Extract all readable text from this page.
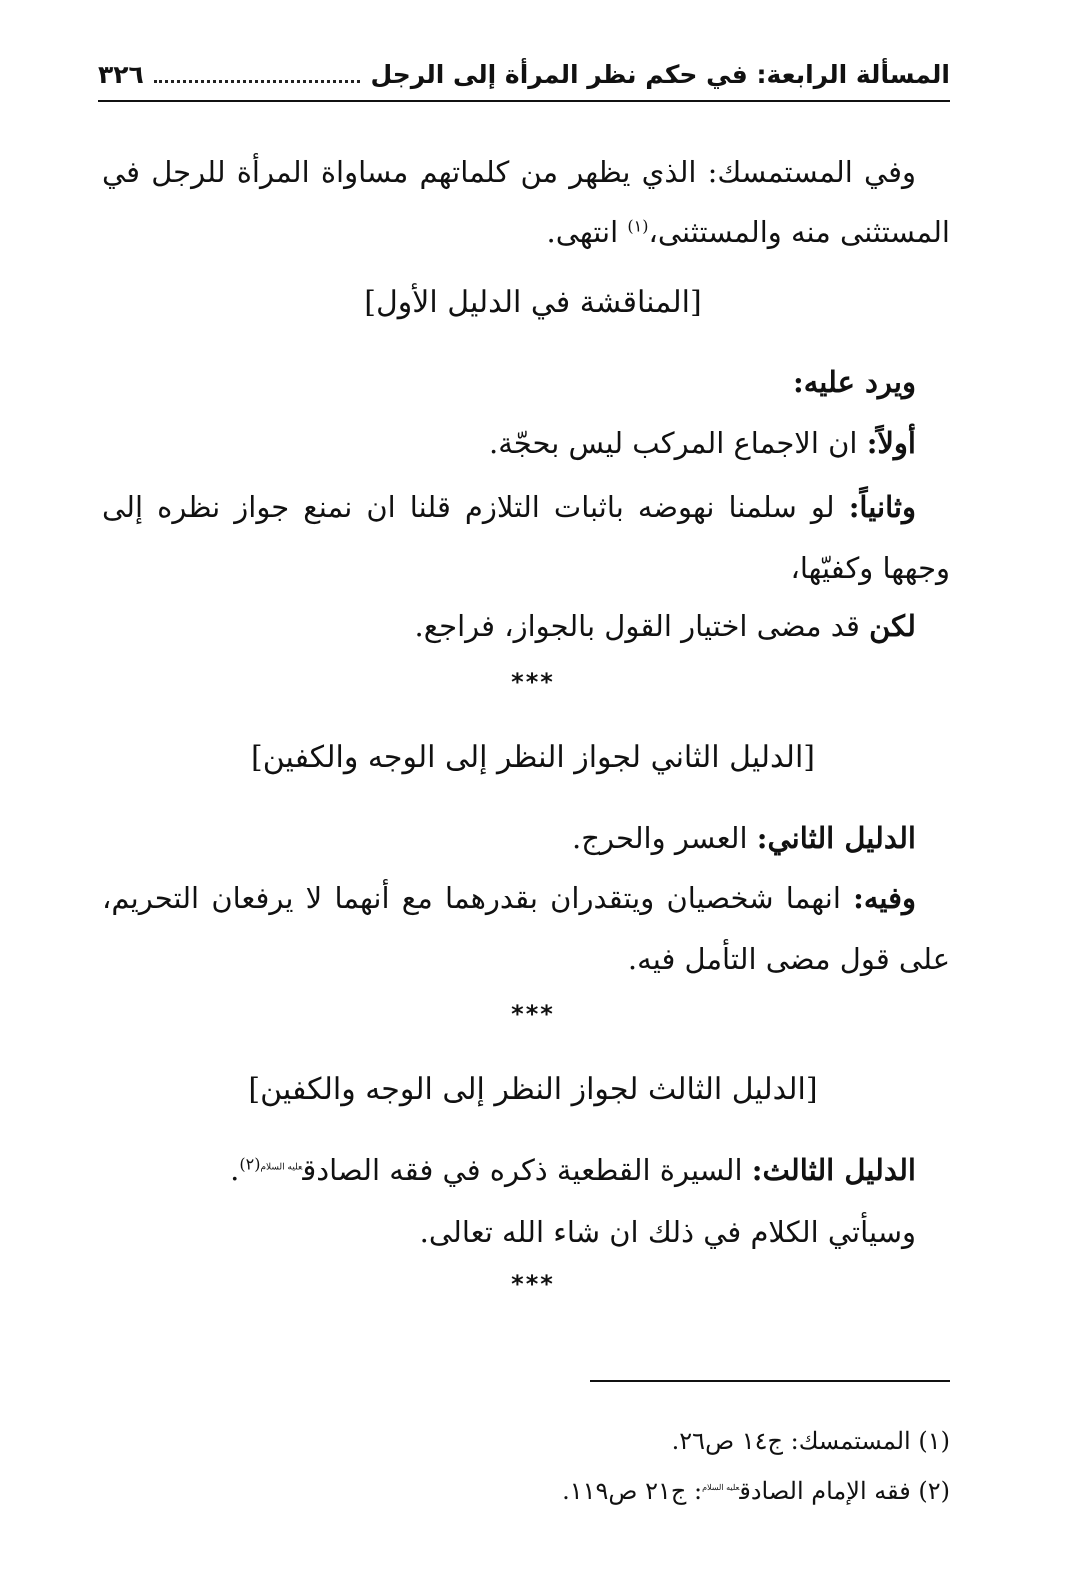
المسألة الرابعة: في حكم نظر المرأة إلى الرجل
٣٢٦
وفي المستمسك: الذي يظهر من كلماتهم مساواة المرأة للرجل في
المستثنى منه والمستثنى،$^{(١)}$ انتهى.
[المناقشة في الدليل الأول]
ويرد عليه:
أولاً: ان الاجماع المركب ليس بحجّة.
وثانياً: لو سلمنا نهوضه باثبات التلازم قلنا ان نمنع جواز نظره إلى
وجهها وكفيّها،
لكن قد مضى اختيار القول بالجواز، فراجع.
***
[الدليل الثاني لجواز النظر إلى الوجه والكفين]
الدليل الثاني: العسر والحرج.
وفيه: انهما شخصيان ويتقدران بقدرهما مع أنهما لا يرفعان التحريم،
على قول مضى التأمل فيه.
***
[الدليل الثالث لجواز النظر إلى الوجه والكفين]
الدليل الثالث: السيرة القطعية ذكره في فقه الصادق$^{عليه السلام(٢)}$.
وسيأتي الكلام في ذلك ان شاء الله تعالى.
***
(١) المستمسك: ج١٤ ص٢٦.
(٢) فقه الإمام الصادق$^{عليه السلام}$: ج٢١ ص١١٩.
